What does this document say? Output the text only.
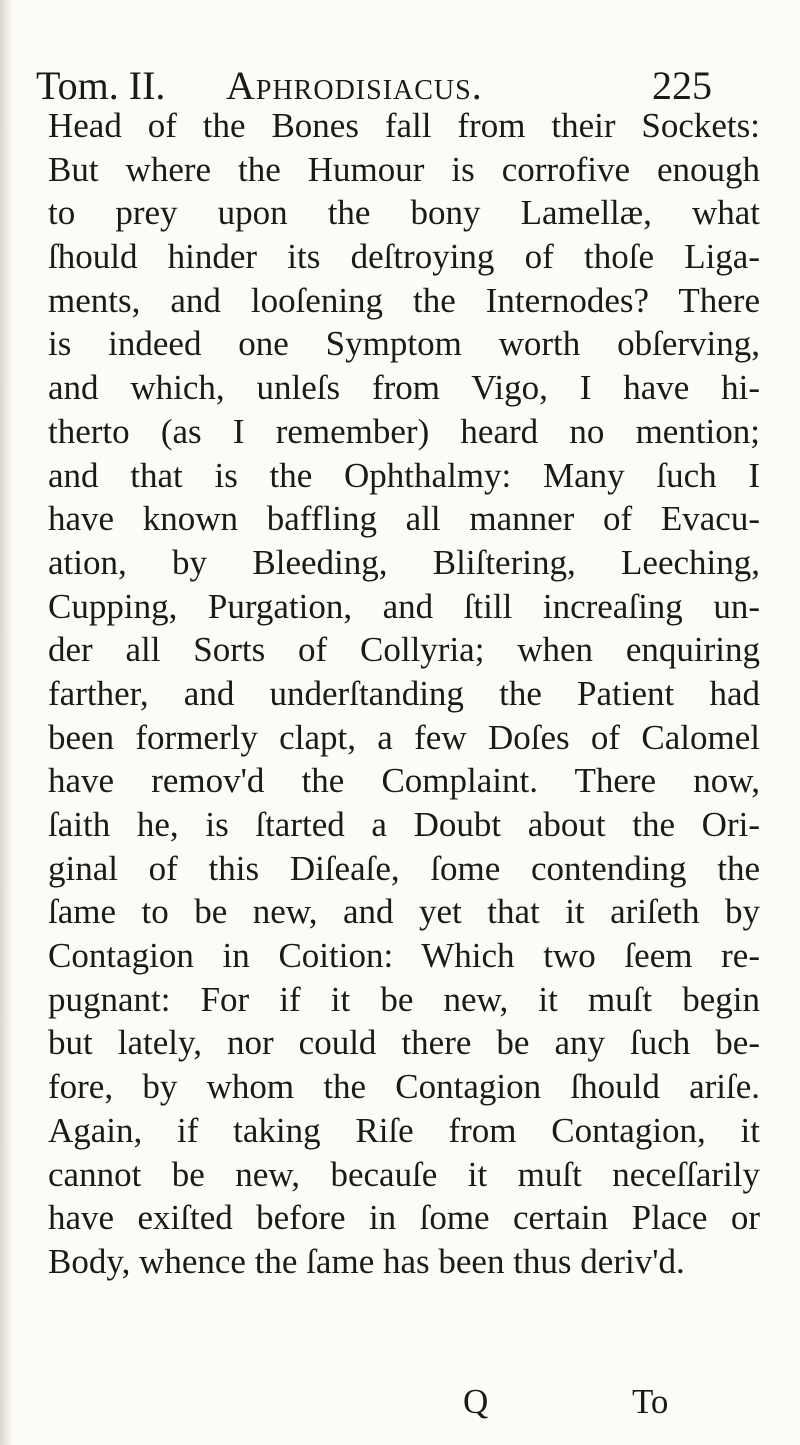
Tom. II. Aphrodisiacus.	225
Head of the Bones fall from their Sockets:
But where the Humour is corrofive enough
to prey upon the bony Lamellæ, what
ſhould hinder its deſtroying of thoſe Liga-
ments, and looſening the Internodes? There
is indeed one Symptom worth obſerving,
and which, unleſs from Vigo, I have hi-
therto (as I remember) heard no mention;
and that is the Ophthalmy: Many ſuch I
have known baffling all manner of Evacu-
ation, by Bleeding, Bliſtering, Leeching,
Cupping, Purgation, and ſtill increaſing un-
der all Sorts of Collyria; when enquiring
farther, and underſtanding the Patient had
been formerly clapt, a few Doſes of Calomel
have remov'd the Complaint. There now,
ſaith he, is ſtarted a Doubt about the Ori-
ginal of this Diſeaſe, ſome contending the
ſame to be new, and yet that it ariſeth by
Contagion in Coition: Which two ſeem re-
pugnant: For if it be new, it muſt begin
but lately, nor could there be any ſuch be-
fore, by whom the Contagion ſhould ariſe.
Again, if taking Riſe from Contagion, it
cannot be new, becauſe it muſt neceſſarily
have exiſted before in ſome certain Place or
Body, whence the ſame has been thus deriv'd.
Q	To
